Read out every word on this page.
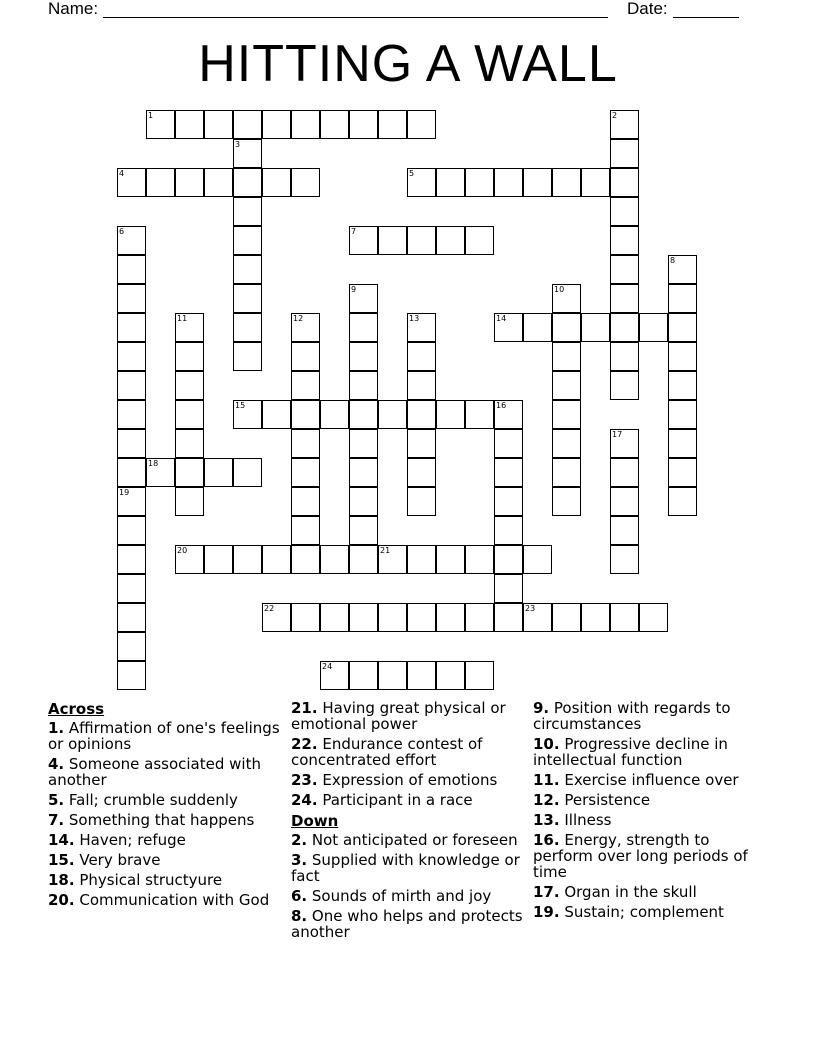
Name:	Date:
HITTING A WALL
1	2
3
4	5
6	7
8
9	10
11	12	13	14
15	16
17
18
19
20	21
22	23
24
Across
1. Affirmation of one's feelings or opinions
4. Someone associated with another
5. Fall; crumble suddenly
7. Something that happens
14. Haven; refuge
15. Very brave
18. Physical structyure
20. Communication with God
21. Having great physical or emotional power
22. Endurance contest of concentrated effort
23. Expression of emotions
24. Participant in a race
Down
2. Not anticipated or foreseen
3. Supplied with knowledge or fact
6. Sounds of mirth and joy
8. One who helps and protects another
9. Position with regards to circumstances
10. Progressive decline in intellectual function
11. Exercise influence over
12. Persistence
13. Illness
16. Energy, strength to perform over long periods of time
17. Organ in the skull
19. Sustain; complement
